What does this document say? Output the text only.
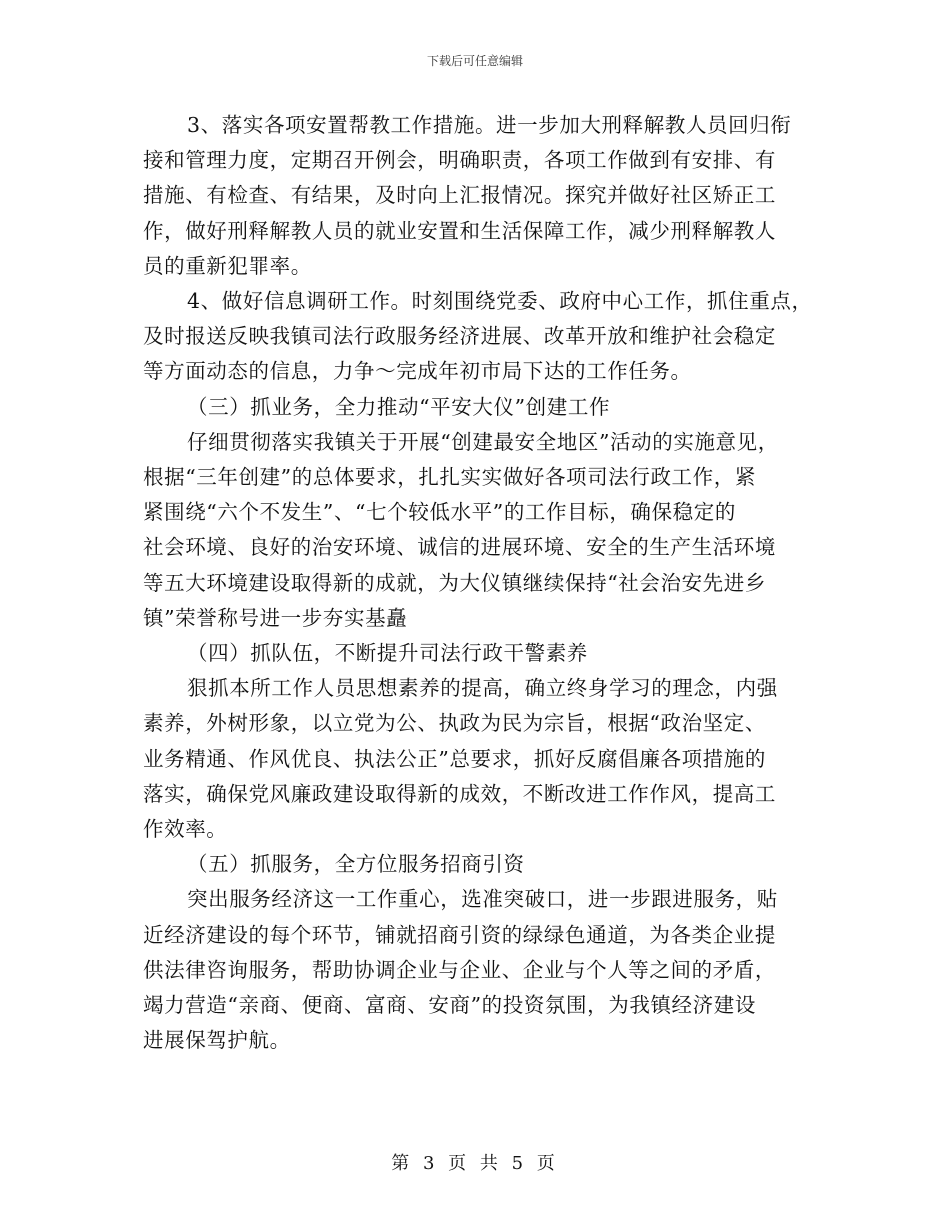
下载后可任意编辑
3、落实各项安置帮教工作措施。进一步加大刑释解教人员回归衔
接和管理力度，定期召开例会，明确职责，各项工作做到有安排、有
措施、有检查、有结果，及时向上汇报情况。探究并做好社区矫正工
作，做好刑释解教人员的就业安置和生活保障工作，减少刑释解教人
员的重新犯罪率。
4、做好信息调研工作。时刻围绕党委、政府中心工作，抓住重点，
及时报送反映我镇司法行政服务经济进展、改革开放和维护社会稳定
等方面动态的信息，力争～完成年初市局下达的工作任务。
（三）抓业务，全力推动“平安大仪”创建工作
仔细贯彻落实我镇关于开展“创建最安全地区”活动的实施意见，
根据“三年创建”的总体要求，扎扎实实做好各项司法行政工作，紧
紧围绕“六个不发生”、“七个较低水平”的工作目标，确保稳定的
社会环境、良好的治安环境、诚信的进展环境、安全的生产生活环境
等五大环境建设取得新的成就，为大仪镇继续保持“社会治安先进乡
镇”荣誉称号进一步夯实基矗
（四）抓队伍，不断提升司法行政干警素养
狠抓本所工作人员思想素养的提高，确立终身学习的理念，内强
素养，外树形象，以立党为公、执政为民为宗旨，根据“政治坚定、
业务精通、作风优良、执法公正”总要求，抓好反腐倡廉各项措施的
落实，确保党风廉政建设取得新的成效，不断改进工作作风，提高工
作效率。
（五）抓服务，全方位服务招商引资
突出服务经济这一工作重心，选准突破口，进一步跟进服务，贴
近经济建设的每个环节，铺就招商引资的绿绿色通道，为各类企业提
供法律咨询服务，帮助协调企业与企业、企业与个人等之间的矛盾，
竭力营造“亲商、便商、富商、安商”的投资氛围，为我镇经济建设
进展保驾护航。
第 3 页 共 5 页
